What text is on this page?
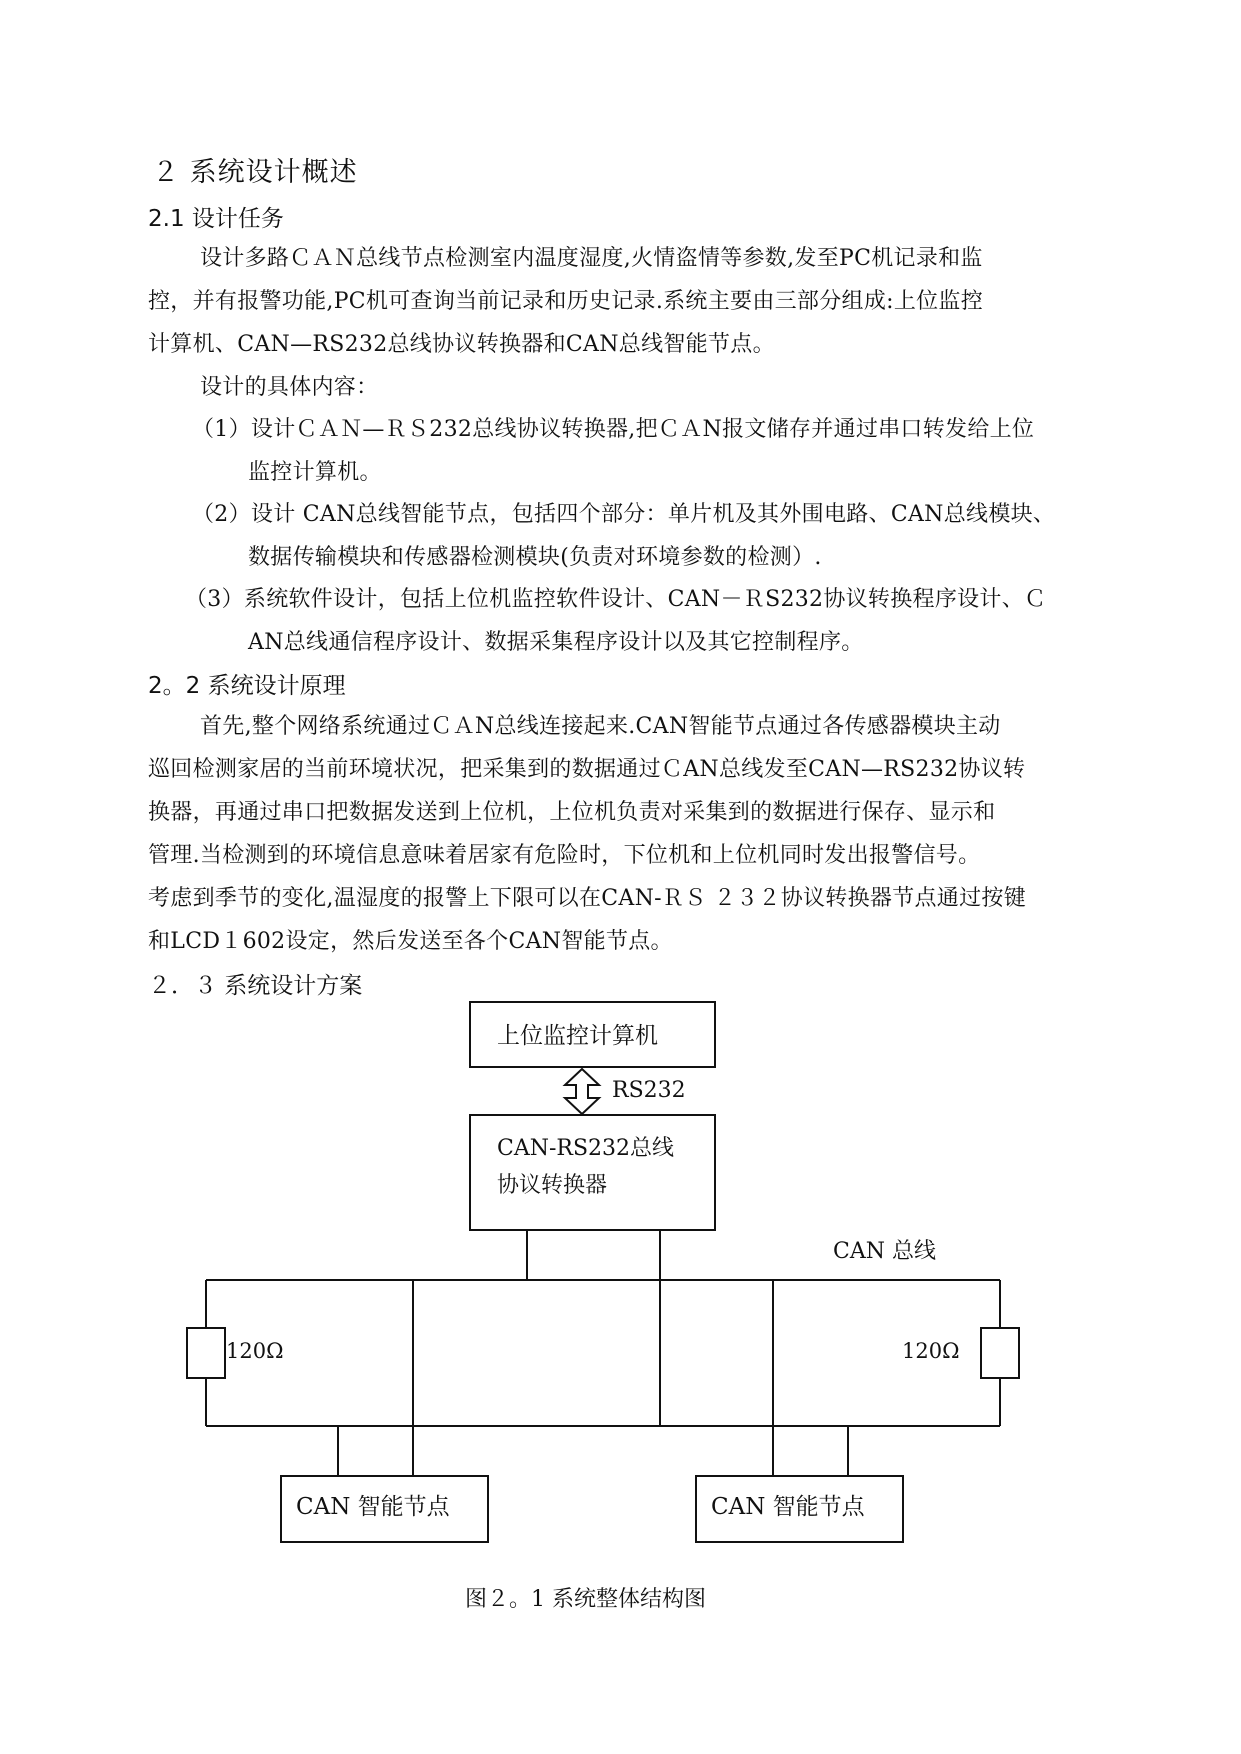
２ 系统设计概述
2.1 设计任务
设计多路ＣＡＮ总线节点检测室内温度湿度,火情盗情等参数,发至PC机记录和监
控，并有报警功能,PC机可查询当前记录和历史记录.系统主要由三部分组成:上位监控
计算机、CAN—RS232总线协议转换器和CAN总线智能节点。
设计的具体内容：
（1）设计ＣＡＮ—ＲＳ232总线协议转换器,把ＣＡN报文储存并通过串口转发给上位
监控计算机。
（2）设计 CAN总线智能节点，包括四个部分：单片机及其外围电路、CAN总线模块、
数据传输模块和传感器检测模块(负责对环境参数的检测）.
（3）系统软件设计，包括上位机监控软件设计、CAN－ＲS232协议转换程序设计、Ｃ
AN总线通信程序设计、数据采集程序设计以及其它控制程序。
2。2 系统设计原理
首先,整个网络系统通过ＣＡN总线连接起来.CAN智能节点通过各传感器模块主动
巡回检测家居的当前环境状况，把采集到的数据通过ＣAN总线发至CAN—RS232协议转
换器，再通过串口把数据发送到上位机，上位机负责对采集到的数据进行保存、显示和
管理.当检测到的环境信息意味着居家有危险时，下位机和上位机同时发出报警信号。
考虑到季节的变化,温湿度的报警上下限可以在CAN-ＲＳ ２３２协议转换器节点通过按键
和LCD１602设定，然后发送至各个CAN智能节点。
２．３ 系统设计方案
上位监控计算机
RS232
CAN-RS232总线
协议转换器
CAN 总线
120Ω	120Ω
CAN 智能节点	CAN 智能节点
图２。1 系统整体结构图
